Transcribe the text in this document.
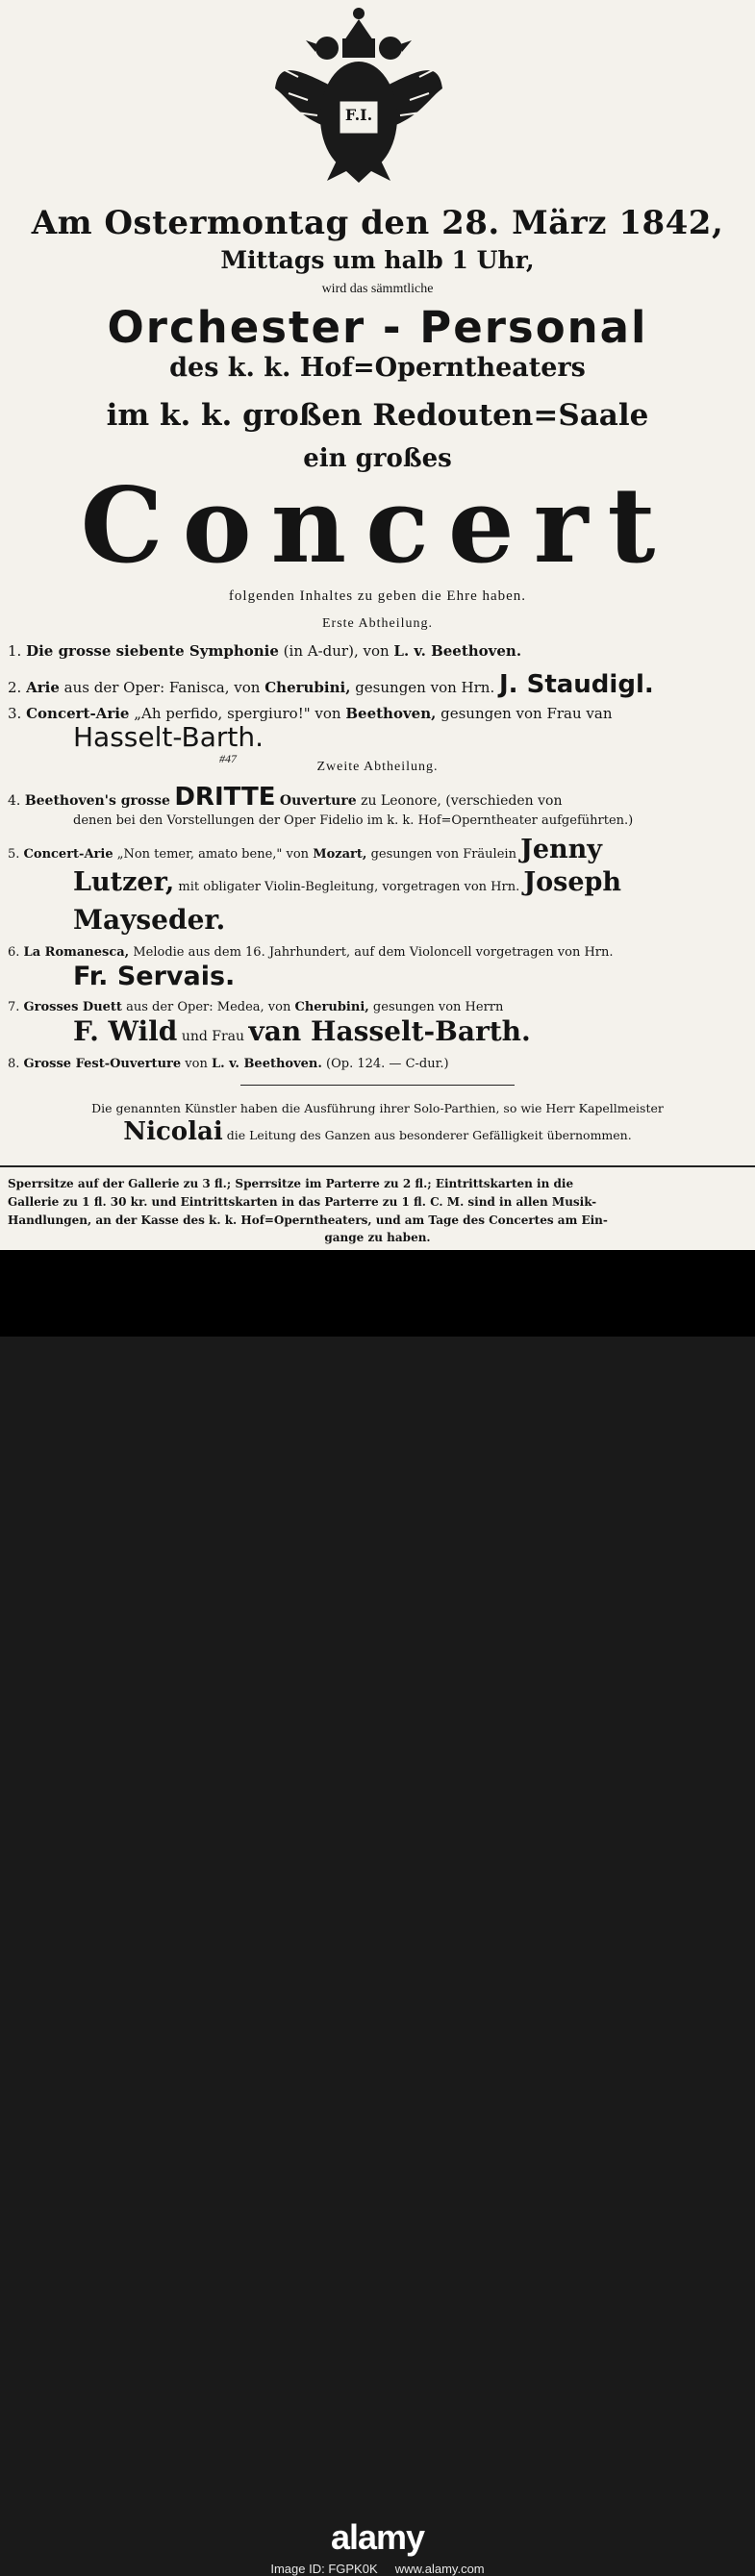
F.I.
Am Ostermontag den 28. März 1842,
Mittags um halb 1 Uhr,
wird das sämmtliche
Orchester - Personal
des k. k. Hof=Operntheaters
im k. k. großen Redouten=Saale
ein großes
Concert
folgenden Inhaltes zu geben die Ehre haben.
Erste Abtheilung.
1. Die grosse siebente Symphonie (in A-dur), von L. v. Beethoven.
2. Arie aus der Oper: Fanisca, von Cherubini, gesungen von Hrn. J. Staudigl.
3. Concert-Arie „Ah perfido, spergiuro!" von Beethoven, gesungen von Frau van
Hasselt-Barth.
Zweite Abtheilung.
#47
4. Beethoven's grosse DRITTE Ouverture zu Leonore, (verschieden von
denen bei den Vorstellungen der Oper Fidelio im k. k. Hof=Operntheater aufgeführten.)
5. Concert-Arie „Non temer, amato bene," von Mozart, gesungen von Fräulein Jenny
Lutzer, mit obligater Violin-Begleitung, vorgetragen von Hrn. Joseph
Mayseder.
6. La Romanesca, Melodie aus dem 16. Jahrhundert, auf dem Violoncell vorgetragen von Hrn.
Fr. Servais.
7. Grosses Duett aus der Oper: Medea, von Cherubini, gesungen von Herrn
F. Wild und Frau van Hasselt-Barth.
8. Grosse Fest-Ouverture von L. v. Beethoven. (Op. 124. — C-dur.)
Die genannten Künstler haben die Ausführung ihrer Solo-Parthien, so wie Herr Kapellmeister
Nicolai die Leitung des Ganzen aus besonderer Gefälligkeit übernommen.
Sperrsitze auf der Gallerie zu 3 fl.; Sperrsitze im Parterre zu 2 fl.; Eintrittskarten in die
Gallerie zu 1 fl. 30 kr. und Eintrittskarten in das Parterre zu 1 fl. C. M. sind in allen Musik-
Handlungen, an der Kasse des k. k. Hof=Operntheaters, und am Tage des Concertes am Ein-
gange zu haben.
alamy
Image ID: FGPK0K www.alamy.com
